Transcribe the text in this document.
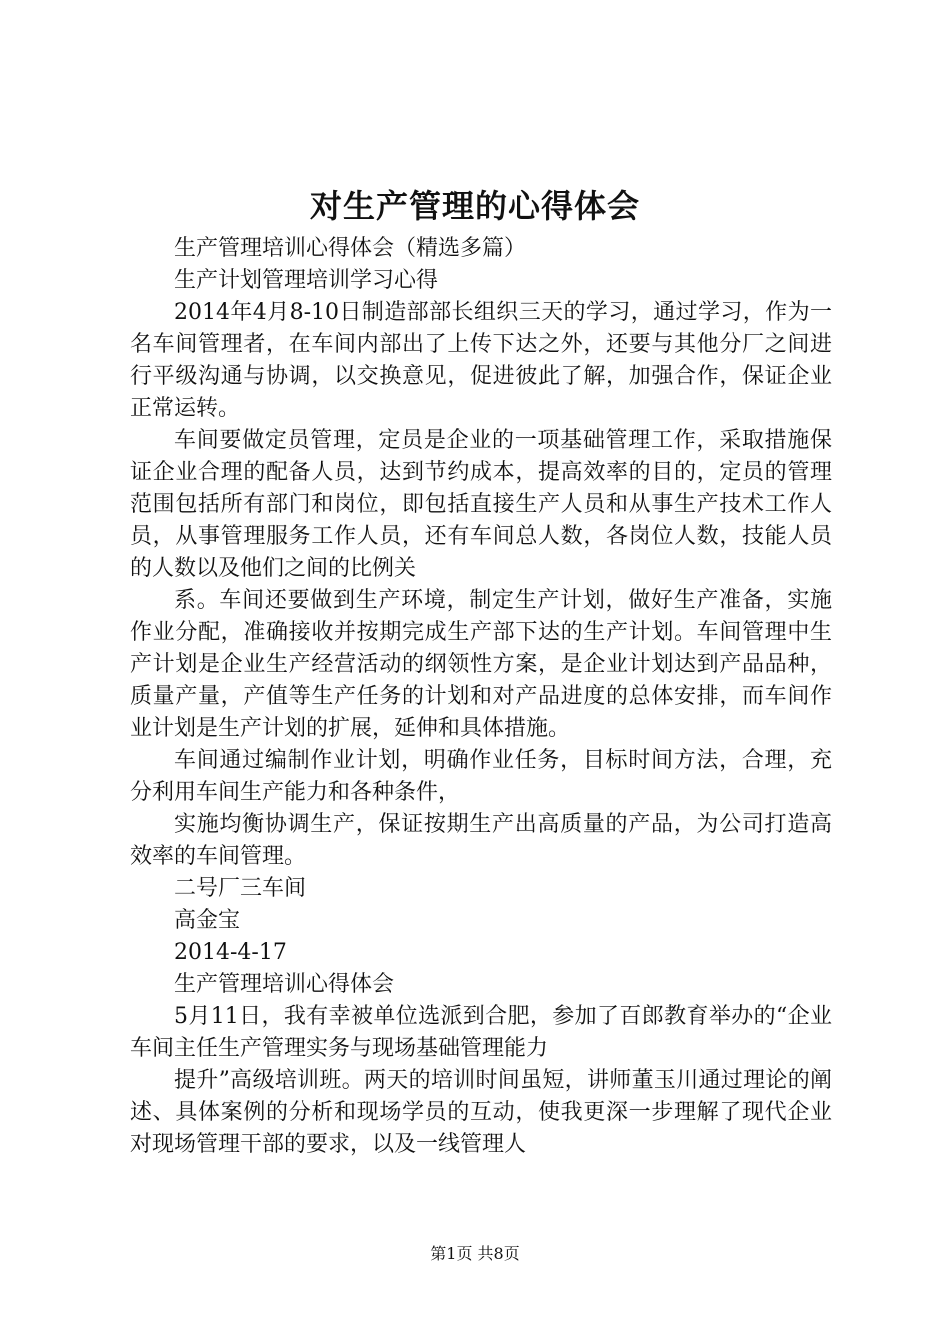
对生产管理的心得体会

生产管理培训心得体会（精选多篇）

生产计划管理培训学习心得

2014年4月8-10日制造部部长组织三天的学习，通过学习，作为一名车间管理者，在车间内部出了上传下达之外，还要与其他分厂之间进行平级沟通与协调，以交换意见，促进彼此了解，加强合作，保证企业正常运转。

车间要做定员管理，定员是企业的一项基础管理工作，采取措施保证企业合理的配备人员，达到节约成本，提高效率的目的，定员的管理范围包括所有部门和岗位，即包括直接生产人员和从事生产技术工作人员，从事管理服务工作人员，还有车间总人数，各岗位人数，技能人员的人数以及他们之间的比例关

系。车间还要做到生产环境，制定生产计划，做好生产准备，实施作业分配，准确接收并按期完成生产部下达的生产计划。车间管理中生产计划是企业生产经营活动的纲领性方案，是企业计划达到产品品种，质量产量，产值等生产任务的计划和对产品进度的总体安排，而车间作业计划是生产计划的扩展，延伸和具体措施。

车间通过编制作业计划，明确作业任务，目标时间方法，合理，充分利用车间生产能力和各种条件，

实施均衡协调生产，保证按期生产出高质量的产品，为公司打造高效率的车间管理。

二号厂三车间

高金宝

2014-4-17

生产管理培训心得体会

5月11日，我有幸被单位选派到合肥，参加了百郎教育举办的“企业车间主任生产管理实务与现场基础管理能力

提升”高级培训班。两天的培训时间虽短，讲师董玉川通过理论的阐述、具体案例的分析和现场学员的互动，使我更深一步理解了现代企业对现场管理干部的要求，以及一线管理人

第1页 共8页
